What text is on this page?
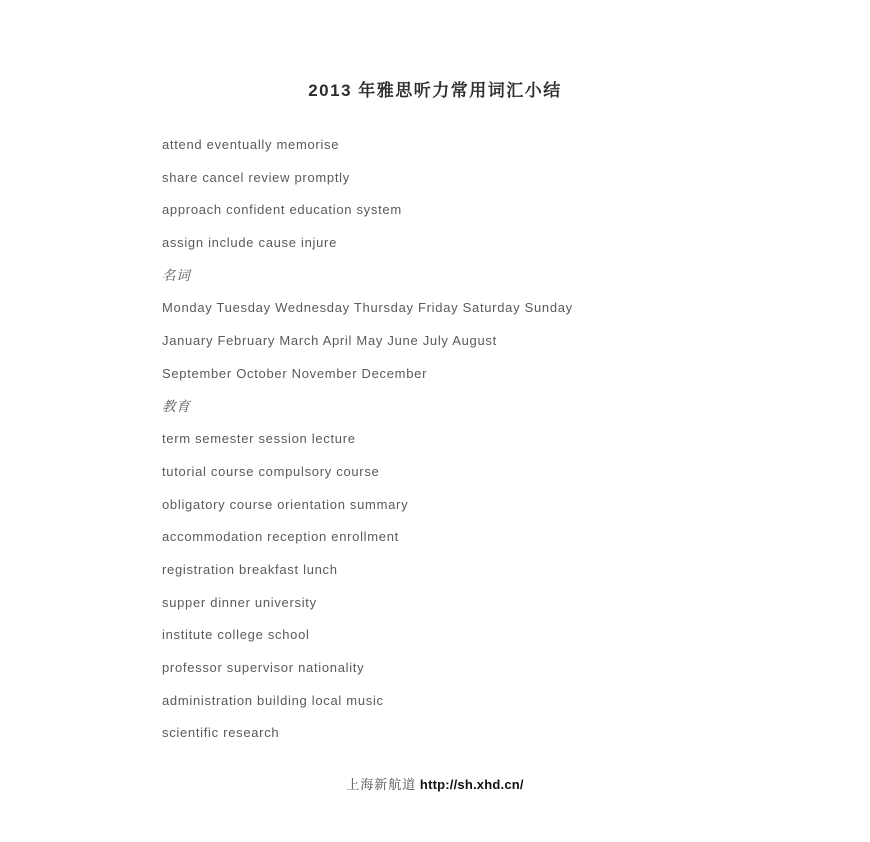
2013 年雅思听力常用词汇小结
attend eventually memorise
share cancel review promptly
approach confident education system
assign include cause injure
名词
Monday Tuesday Wednesday Thursday Friday Saturday Sunday
January February March April May June July August
September October November December
教育
term semester session lecture
tutorial course compulsory course
obligatory course orientation summary
accommodation reception enrollment
registration breakfast lunch
supper dinner university
institute college school
professor supervisor nationality
administration building local music
scientific research
上海新航道 http://sh.xhd.cn/
